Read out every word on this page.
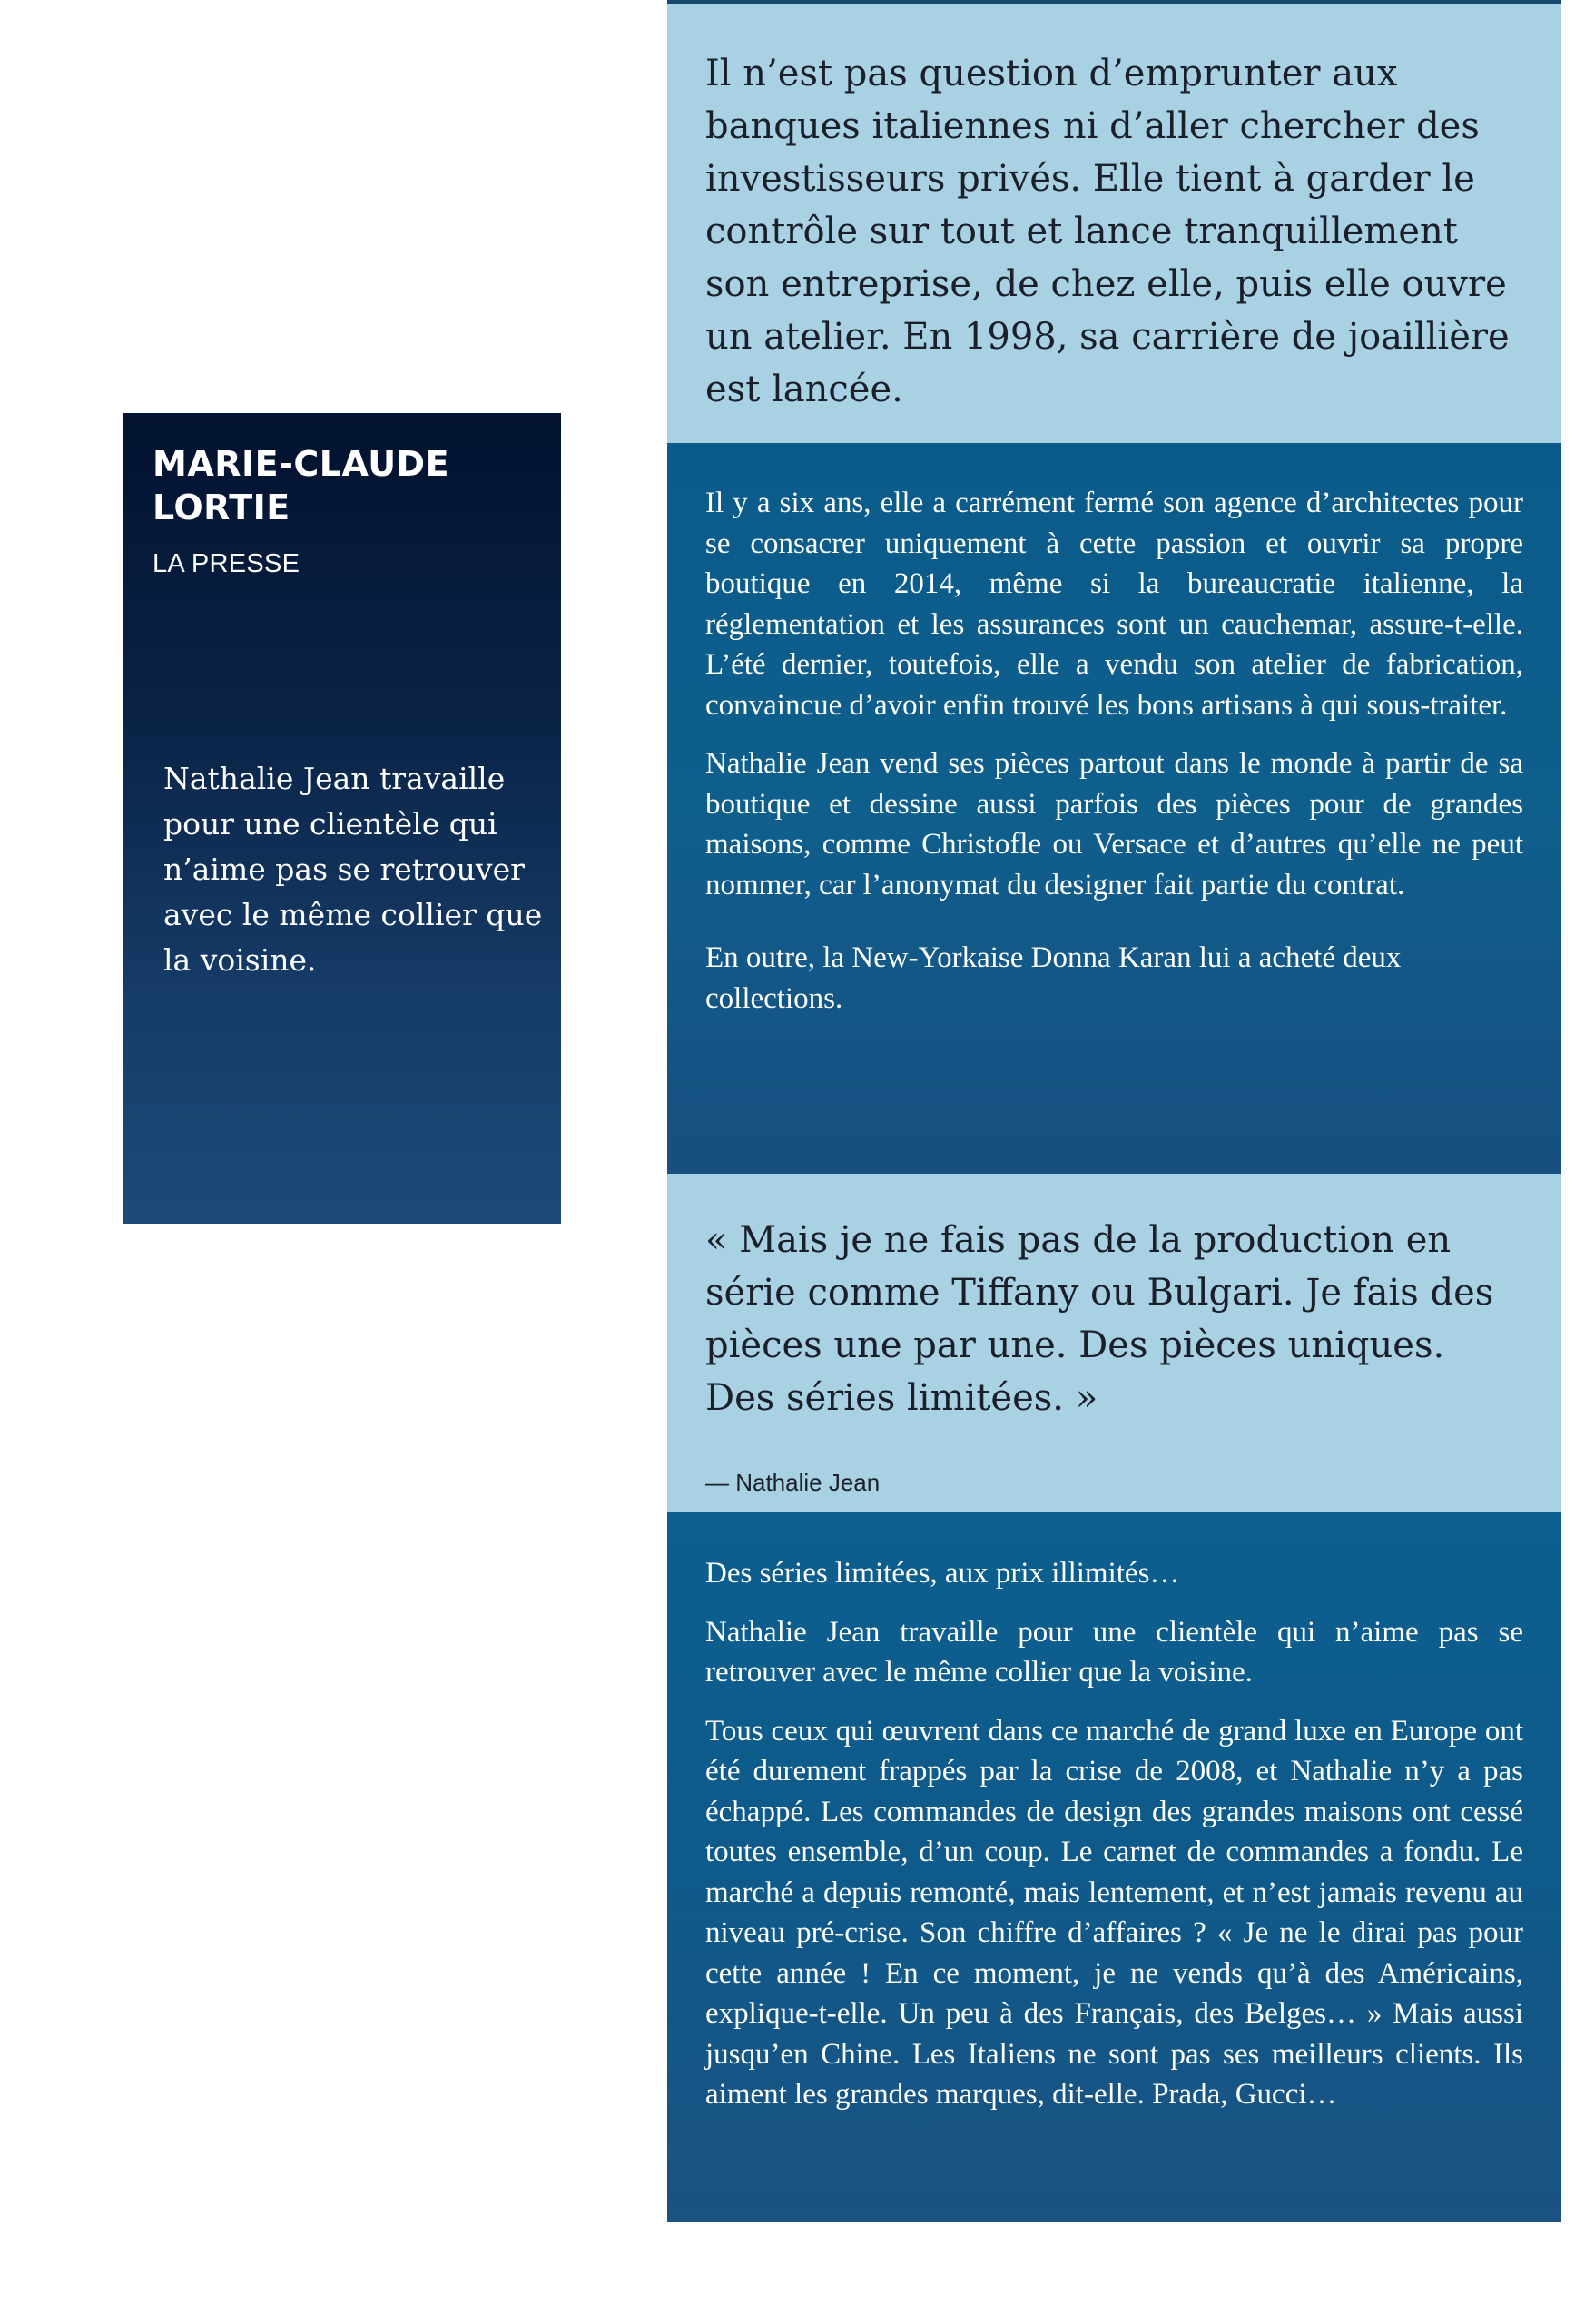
MARIE-CLAUDE
LORTIE
LA PRESSE

Nathalie Jean travaille pour une clientèle qui n’aime pas se retrouver avec le même collier que la voisine.

Il n’est pas question d’emprunter aux banques italiennes ni d’aller chercher des investisseurs privés. Elle tient à garder le contrôle sur tout et lance tranquillement son entreprise, de chez elle, puis elle ouvre un atelier. En 1998, sa carrière de joaillière est lancée.

Il y a six ans, elle a carrément fermé son agence d’architectes pour se consacrer uniquement à cette passion et ouvrir sa propre boutique en 2014, même si la bureaucratie italienne, la réglementation et les assurances sont un cauchemar, assure-t-elle. L’été dernier, toutefois, elle a vendu son atelier de fabrication, convaincue d’avoir enfin trouvé les bons artisans à qui sous-traiter.

Nathalie Jean vend ses pièces partout dans le monde à partir de sa boutique et dessine aussi parfois des pièces pour de grandes maisons, comme Christofle ou Versace et d’autres qu’elle ne peut nommer, car l’anonymat du designer fait partie du contrat.

En outre, la New-Yorkaise Donna Karan lui a acheté deux collections.

« Mais je ne fais pas de la production en série comme Tiffany ou Bulgari. Je fais des pièces une par une. Des pièces uniques. Des séries limitées. »

— Nathalie Jean

Des séries limitées, aux prix illimités…

Nathalie Jean travaille pour une clientèle qui n’aime pas se retrouver avec le même collier que la voisine.

Tous ceux qui œuvrent dans ce marché de grand luxe en Europe ont été durement frappés par la crise de 2008, et Nathalie n’y a pas échappé. Les commandes de design des grandes maisons ont cessé toutes ensemble, d’un coup. Le carnet de commandes a fondu. Le marché a depuis remonté, mais lentement, et n’est jamais revenu au niveau pré-crise. Son chiffre d’affaires ? « Je ne le dirai pas pour cette année ! En ce moment, je ne vends qu’à des Américains, explique-t-elle. Un peu à des Français, des Belges… » Mais aussi jusqu’en Chine. Les Italiens ne sont pas ses meilleurs clients. Ils aiment les grandes marques, dit-elle. Prada, Gucci…
